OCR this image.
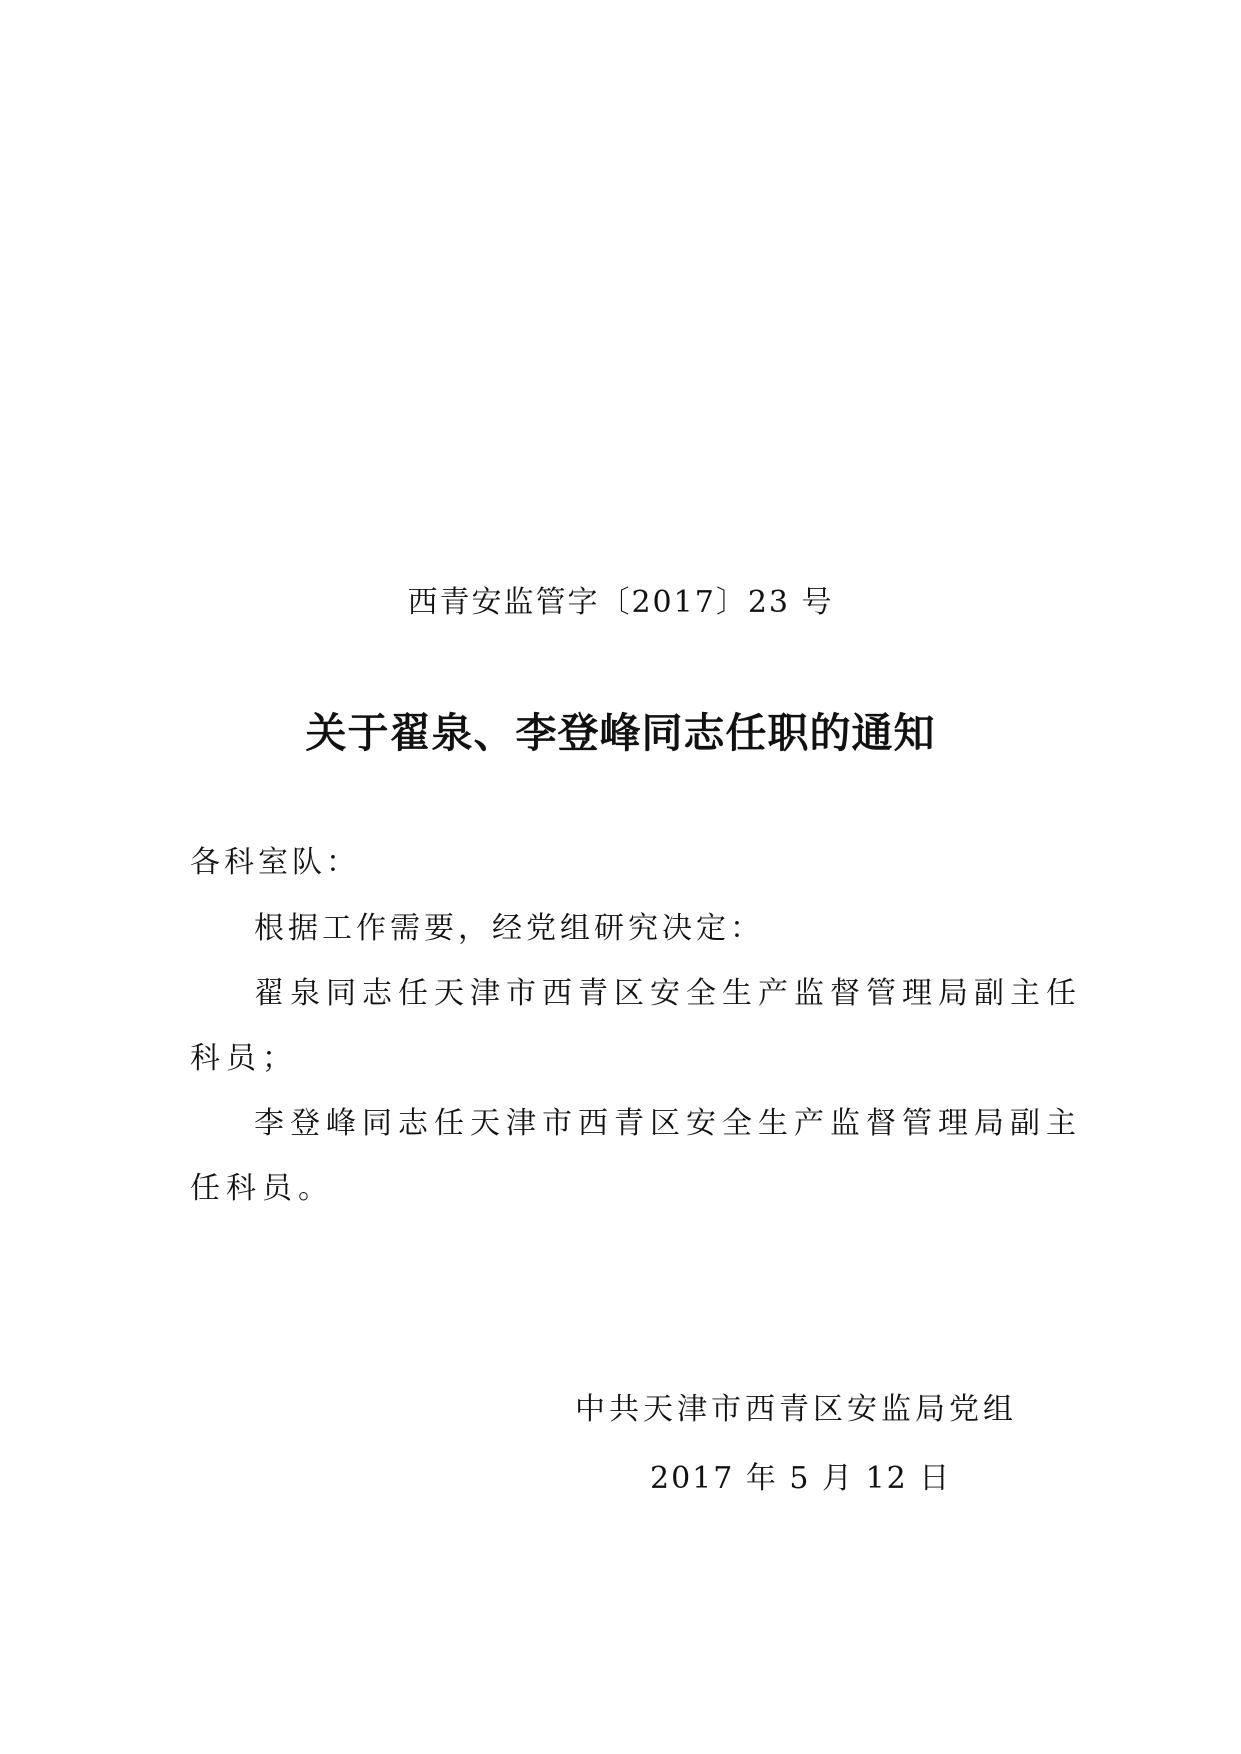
西青安监管字〔2017〕23 号
关于翟泉、李登峰同志任职的通知
各科室队：
根据工作需要，经党组研究决定：
翟泉同志任天津市西青区安全生产监督管理局副主任
科员；
李登峰同志任天津市西青区安全生产监督管理局副主
任科员。
中共天津市西青区安监局党组
2017 年 5 月 12 日
